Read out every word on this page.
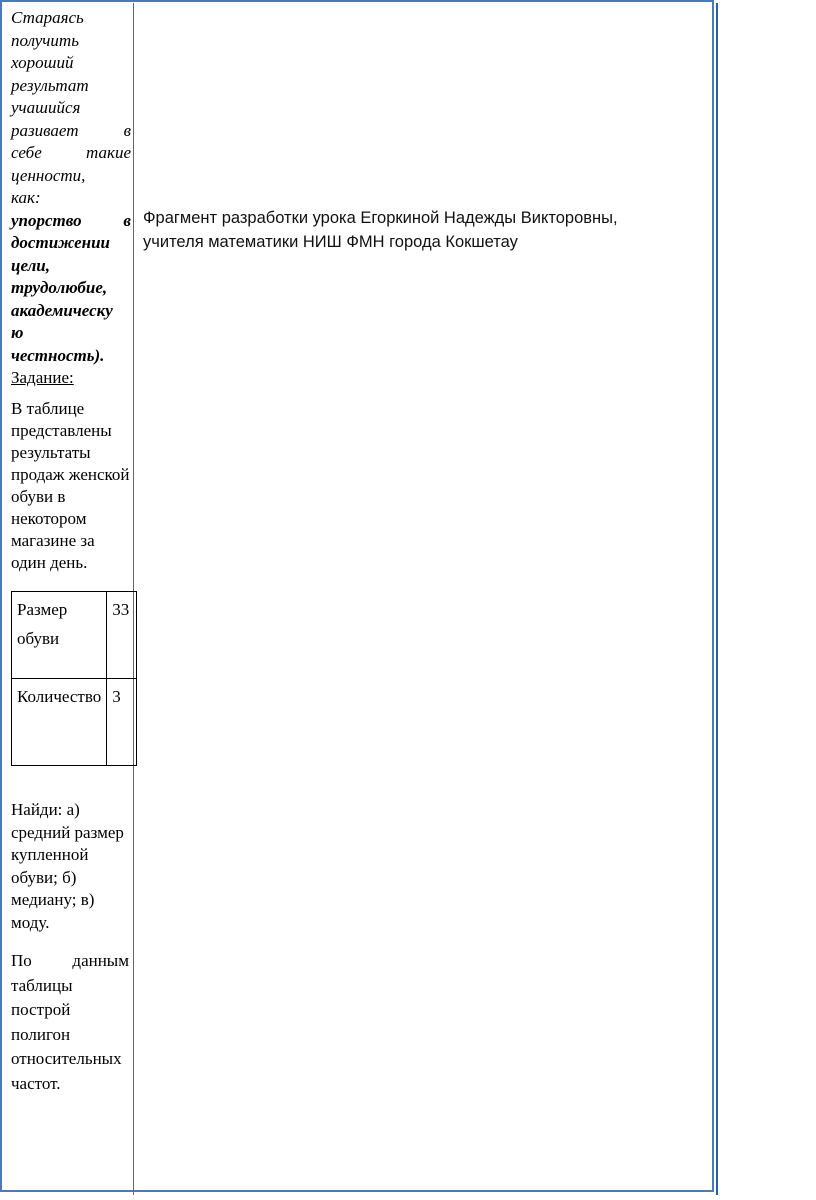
Стараясь

получить

хороший

результат

учашийся

разивает в

себе такие

ценности,

как:

упорство в

достижении

цели,

трудолюбие,

академическу

ю

честность).

Задание:

В таблице представлены результаты продаж женской обуви в некотором магазине за один день.

Размер обуви	33
Количество	3

Найди: а) средний размер купленной обуви; б) медиану; в) моду.

По данным

таблицы построй полигон относительных частот.

Фрагмент разработки урока Егоркиной Надежды Викторовны,

учителя математики НИШ ФМН города Кокшетау
